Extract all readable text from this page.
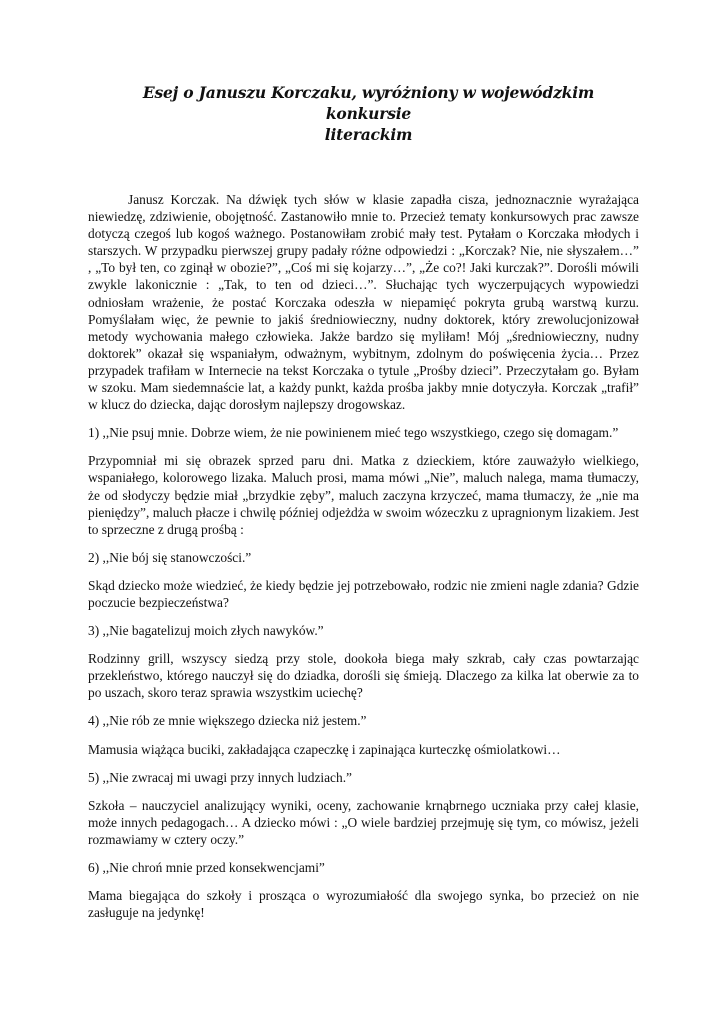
Esej o Januszu Korczaku, wyróżniony w wojewódzkim konkursie
literackim

Janusz Korczak. Na dźwięk tych słów w klasie zapadła cisza, jednoznacznie wyrażająca niewiedzę, zdziwienie, obojętność. Zastanowiło mnie to. Przecież tematy konkursowych prac zawsze dotyczą czegoś lub kogoś ważnego. Postanowiłam zrobić mały test. Pytałam o Korczaka młodych i starszych. W przypadku pierwszej grupy padały różne odpowiedzi : „Korczak? Nie, nie słyszałem…” , „To był ten, co zginął w obozie?”, „Coś mi się kojarzy…”, „Że co?! Jaki kurczak?”. Dorośli mówili zwykle lakonicznie : „Tak, to ten od dzieci…”. Słuchając tych wyczerpujących wypowiedzi odniosłam wrażenie, że postać Korczaka odeszła w niepamięć pokryta grubą warstwą kurzu. Pomyślałam więc, że pewnie to jakiś średniowieczny, nudny doktorek, który zrewolucjonizował metody wychowania małego człowieka. Jakże bardzo się myliłam! Mój „średniowieczny, nudny doktorek” okazał się wspaniałym, odważnym, wybitnym, zdolnym do poświęcenia życia… Przez przypadek trafiłam w Internecie na tekst Korczaka o tytule „Prośby dzieci”. Przeczytałam go. Byłam w szoku. Mam siedemnaście lat, a każdy punkt, każda prośba jakby mnie dotyczyła. Korczak „trafił” w klucz do dziecka, dając dorosłym najlepszy drogowskaz.

1) ,,Nie psuj mnie. Dobrze wiem, że nie powinienem mieć tego wszystkiego, czego się domagam.”

Przypomniał mi się obrazek sprzed paru dni. Matka z dzieckiem, które zauważyło wielkiego, wspaniałego, kolorowego lizaka. Maluch prosi, mama mówi „Nie”, maluch nalega, mama tłumaczy, że od słodyczy będzie miał „brzydkie zęby”, maluch zaczyna krzyczeć, mama tłumaczy, że „nie ma pieniędzy”, maluch płacze i chwilę później odjeżdża w swoim wózeczku z upragnionym lizakiem. Jest to sprzeczne z drugą prośbą :

2) ,,Nie bój się stanowczości.”

Skąd dziecko może wiedzieć, że kiedy będzie jej potrzebowało, rodzic nie zmieni nagle zdania? Gdzie poczucie bezpieczeństwa?

3) ,,Nie bagatelizuj moich złych nawyków.”

Rodzinny grill, wszyscy siedzą przy stole, dookoła biega mały szkrab, cały czas powtarzając przekleństwo, którego nauczył się do dziadka, dorośli się śmieją. Dlaczego za kilka lat oberwie za to po uszach, skoro teraz sprawia wszystkim uciechę?

4) ,,Nie rób ze mnie większego dziecka niż jestem.”

Mamusia wiążąca buciki, zakładająca czapeczkę i zapinająca kurteczkę ośmiolatkowi…

5) ,,Nie zwracaj mi uwagi przy innych ludziach.”

Szkoła – nauczyciel analizujący wyniki, oceny, zachowanie krnąbrnego uczniaka przy całej klasie, może innych pedagogach… A dziecko mówi : „O wiele bardziej przejmuję się tym, co mówisz, jeżeli rozmawiamy w cztery oczy.”

6) ,,Nie chroń mnie przed konsekwencjami”

Mama biegająca do szkoły i prosząca o wyrozumiałość dla swojego synka, bo przecież on nie zasługuje na jedynkę!
